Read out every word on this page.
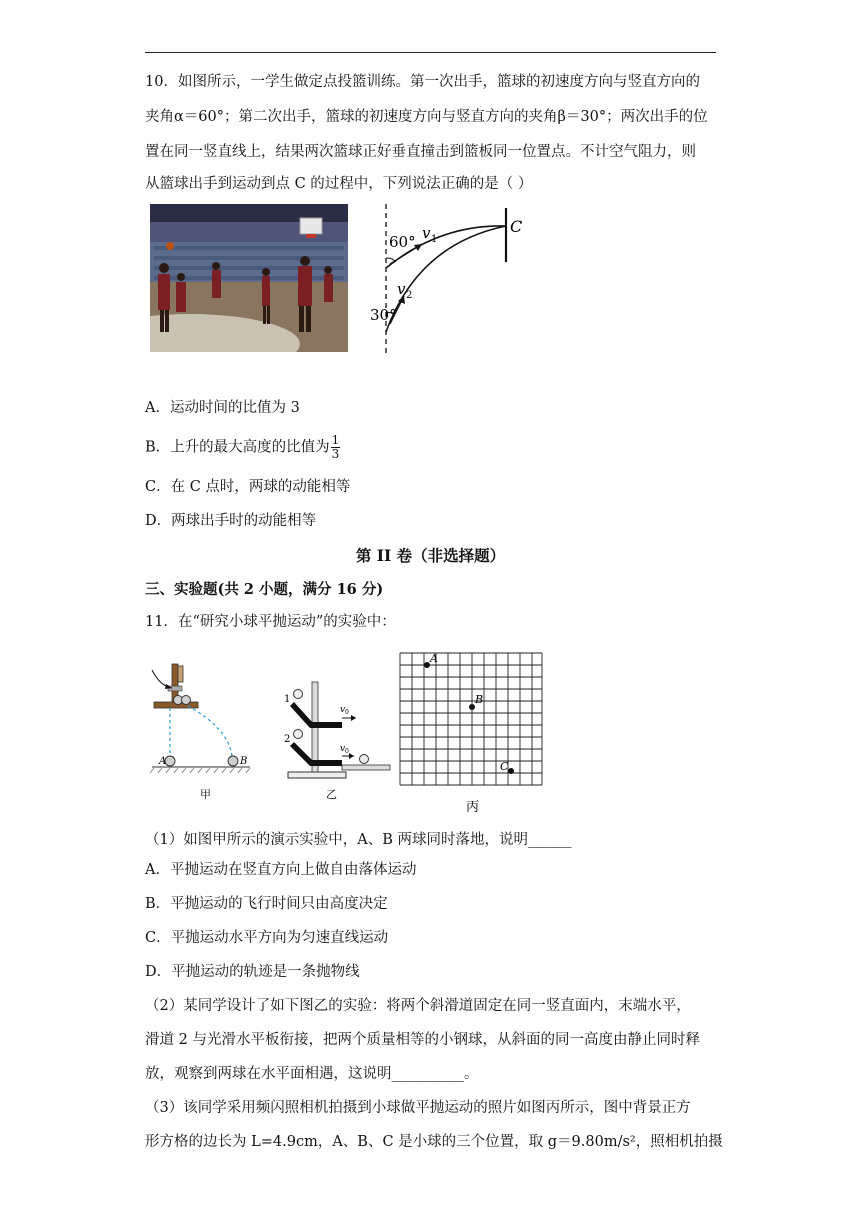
10．如图所示，一学生做定点投篮训练。第一次出手，篮球的初速度方向与竖直方向的
夹角α＝60°；第二次出手，篮球的初速度方向与竖直方向的夹角β＝30°；两次出手的位
置在同一竖直线上，结果两次篮球正好垂直撞击到篮板同一位置点。不计空气阻力，则
从篮球出手到运动到点 C 的过程中，下列说法正确的是（ ）
60°
30°
v 1
v 2
C
A．运动时间的比值为 3
B．上升的最大高度的比值为 $\frac{1}{3}$
C．在 C 点时，两球的动能相等
D．两球出手时的动能相等
第 II 卷（非选择题）
三、实验题(共 2 小题，满分 16 分)
11．在“研究小球平抛运动”的实验中：
A	B
甲
1
2
v 0
v 0
乙
A
B
C
丙
（1）如图甲所示的演示实验中，A、B 两球同时落地，说明______
A．平抛运动在竖直方向上做自由落体运动
B．平抛运动的飞行时间只由高度决定
C．平抛运动水平方向为匀速直线运动
D．平抛运动的轨迹是一条抛物线
（2）某同学设计了如下图乙的实验：将两个斜滑道固定在同一竖直面内，末端水平，
滑道 2 与光滑水平板衔接，把两个质量相等的小钢球，从斜面的同一高度由静止同时释
放，观察到两球在水平面相遇，这说明__________。
（3）该同学采用频闪照相机拍摄到小球做平抛运动的照片如图丙所示，图中背景正方
形方格的边长为 L=4.9cm，A、B、C 是小球的三个位置，取 g＝9.80m/s²，照相机拍摄
